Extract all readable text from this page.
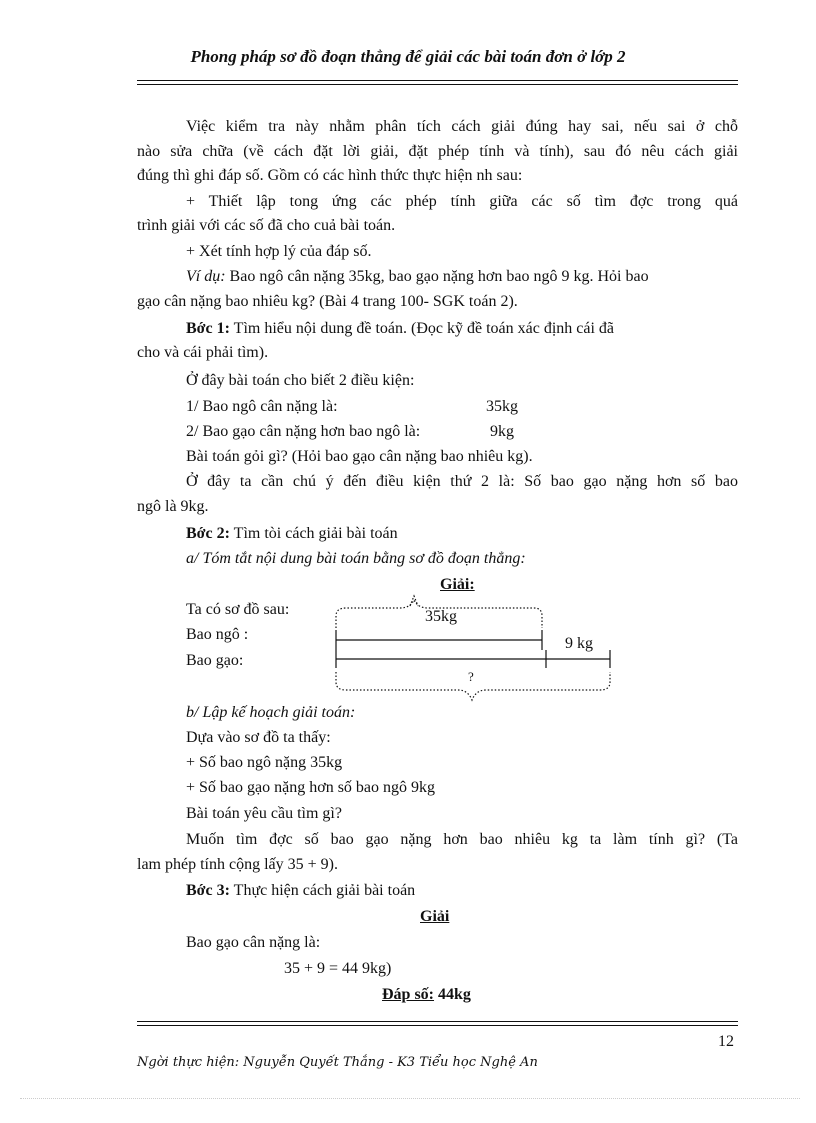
Phong pháp sơ đồ đoạn thẳng để giải các bài toán đơn ở lớp 2
Việc kiểm tra này nhằm phân tích cách giải đúng hay sai, nếu sai ở chỗ
nào sửa chữa (về cách đặt lời giải, đặt phép tính và tính), sau đó nêu cách giải
đúng thì ghi đáp số. Gồm có các hình thức thực hiện nh sau:
+ Thiết lập tong ứng các phép tính giữa các số tìm đợc trong quá
trình giải với các số đã cho cuả bài toán.
+ Xét tính hợp lý của đáp số.
Ví dụ: Bao ngô cân nặng 35kg, bao gạo nặng hơn bao ngô 9 kg. Hỏi bao
gạo cân nặng bao nhiêu kg? (Bài 4 trang 100- SGK toán 2).
Bớc 1: Tìm hiểu nội dung đề toán. (Đọc kỹ đề toán xác định cái đã
cho và cái phải tìm).
Ở đây bài toán cho biết 2 điều kiện:
1/ Bao ngô cân nặng là:	35kg
2/ Bao gạo cân nặng hơn bao ngô là:	9kg
Bài toán gỏi gì? (Hỏi bao gạo cân nặng bao nhiêu kg).
Ở đây ta cần chú ý đến điều kiện thứ 2 là: Số bao gạo nặng hơn số bao
ngô là 9kg.
Bớc 2: Tìm tòi cách giải bài toán
a/ Tóm tắt nội dung bài toán bằng sơ đồ đoạn thẳng:
Giải:
Ta có sơ đồ sau:
Bao ngô :
Bao gạo:
35kg
9 kg
?
b/ Lập kế hoạch giải toán:
Dựa vào sơ đồ ta thấy:
+ Số bao ngô nặng 35kg
+ Số bao gạo nặng hơn số bao ngô 9kg
Bài toán yêu cầu tìm gì?
Muốn tìm đợc số bao gạo nặng hơn bao nhiêu kg ta làm tính gì? (Ta
lam phép tính cộng lấy 35 + 9).
Bớc 3: Thực hiện cách giải bài toán
Giải
Bao gạo cân nặng là:
35 + 9 = 44 9kg)
Đáp số: 44kg
12
Ngời thực hiện: Nguyễn Quyết Thắng - K3 Tiểu học Nghệ An
